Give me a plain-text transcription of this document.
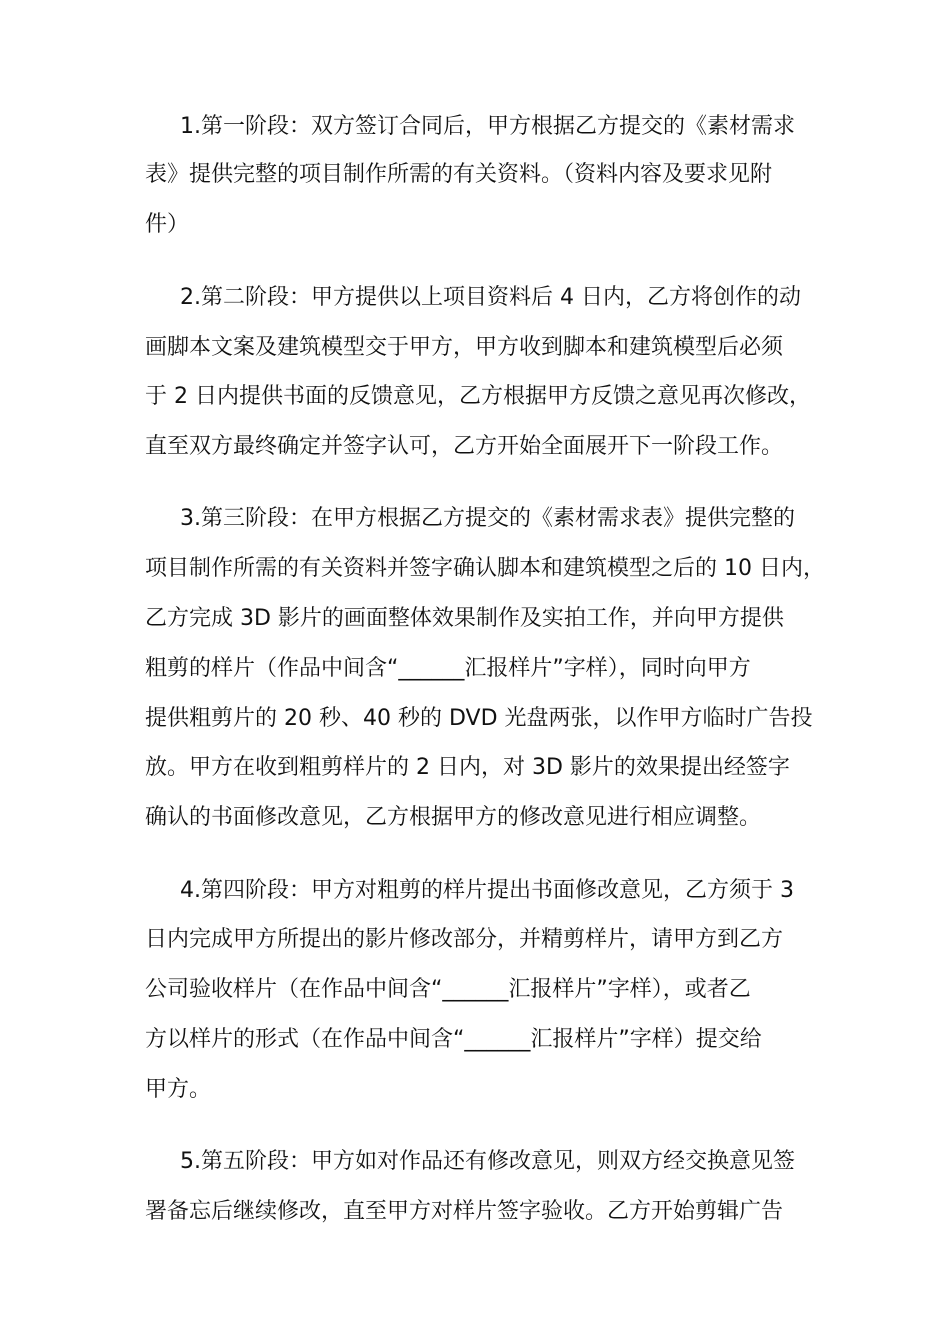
1.第一阶段：双方签订合同后，甲方根据乙方提交的《素材需求
表》提供完整的项目制作所需的有关资料。（资料内容及要求见附
件）
2.第二阶段：甲方提供以上项目资料后 4 日内，乙方将创作的动
画脚本文案及建筑模型交于甲方，甲方收到脚本和建筑模型后必须
于 2 日内提供书面的反馈意见，乙方根据甲方反馈之意见再次修改，
直至双方最终确定并签字认可，乙方开始全面展开下一阶段工作。
3.第三阶段：在甲方根据乙方提交的《素材需求表》提供完整的
项目制作所需的有关资料并签字确认脚本和建筑模型之后的 10 日内，
乙方完成 3D 影片的画面整体效果制作及实拍工作，并向甲方提供
粗剪的样片（作品中间含“______汇报样片”字样），同时向甲方
提供粗剪片的 20 秒、40 秒的 DVD 光盘两张，以作甲方临时广告投
放。甲方在收到粗剪样片的 2 日内，对 3D 影片的效果提出经签字
确认的书面修改意见，乙方根据甲方的修改意见进行相应调整。
4.第四阶段：甲方对粗剪的样片提出书面修改意见，乙方须于 3
日内完成甲方所提出的影片修改部分，并精剪样片，请甲方到乙方
公司验收样片（在作品中间含“______汇报样片”字样），或者乙
方以样片的形式（在作品中间含“______汇报样片”字样）提交给
甲方。
5.第五阶段：甲方如对作品还有修改意见，则双方经交换意见签
署备忘后继续修改，直至甲方对样片签字验收。乙方开始剪辑广告
